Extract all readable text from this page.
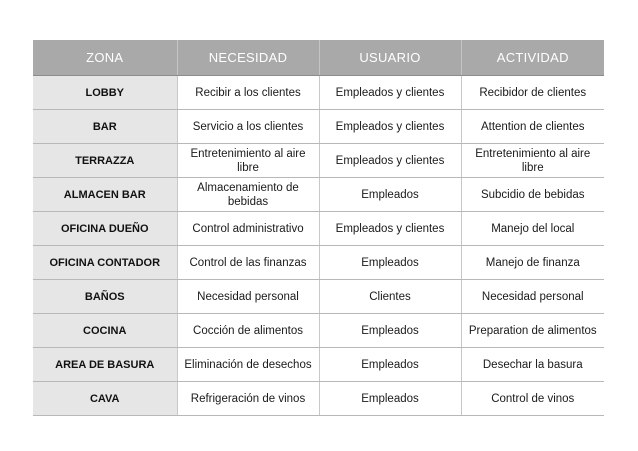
ZONA	NECESIDAD	USUARIO	ACTIVIDAD
LOBBY	Recibir a los clientes	Empleados y clientes	Recibidor de clientes
BAR	Servicio a los clientes	Empleados y clientes	Attention de clientes
TERRAZZA	Entretenimiento al aire libre	Empleados y clientes	Entretenimiento al aire libre
ALMACEN BAR	Almacenamiento de bebidas	Empleados	Subcidio de bebidas
OFICINA DUEÑO	Control administrativo	Empleados y clientes	Manejo del local
OFICINA CONTADOR	Control de las finanzas	Empleados	Manejo de finanza
BAÑOS	Necesidad personal	Clientes	Necesidad personal
COCINA	Cocción de alimentos	Empleados	Preparation de alimentos
AREA DE BASURA	Eliminación de desechos	Empleados	Desechar la basura
CAVA	Refrigeración de vinos	Empleados	Control de vinos
